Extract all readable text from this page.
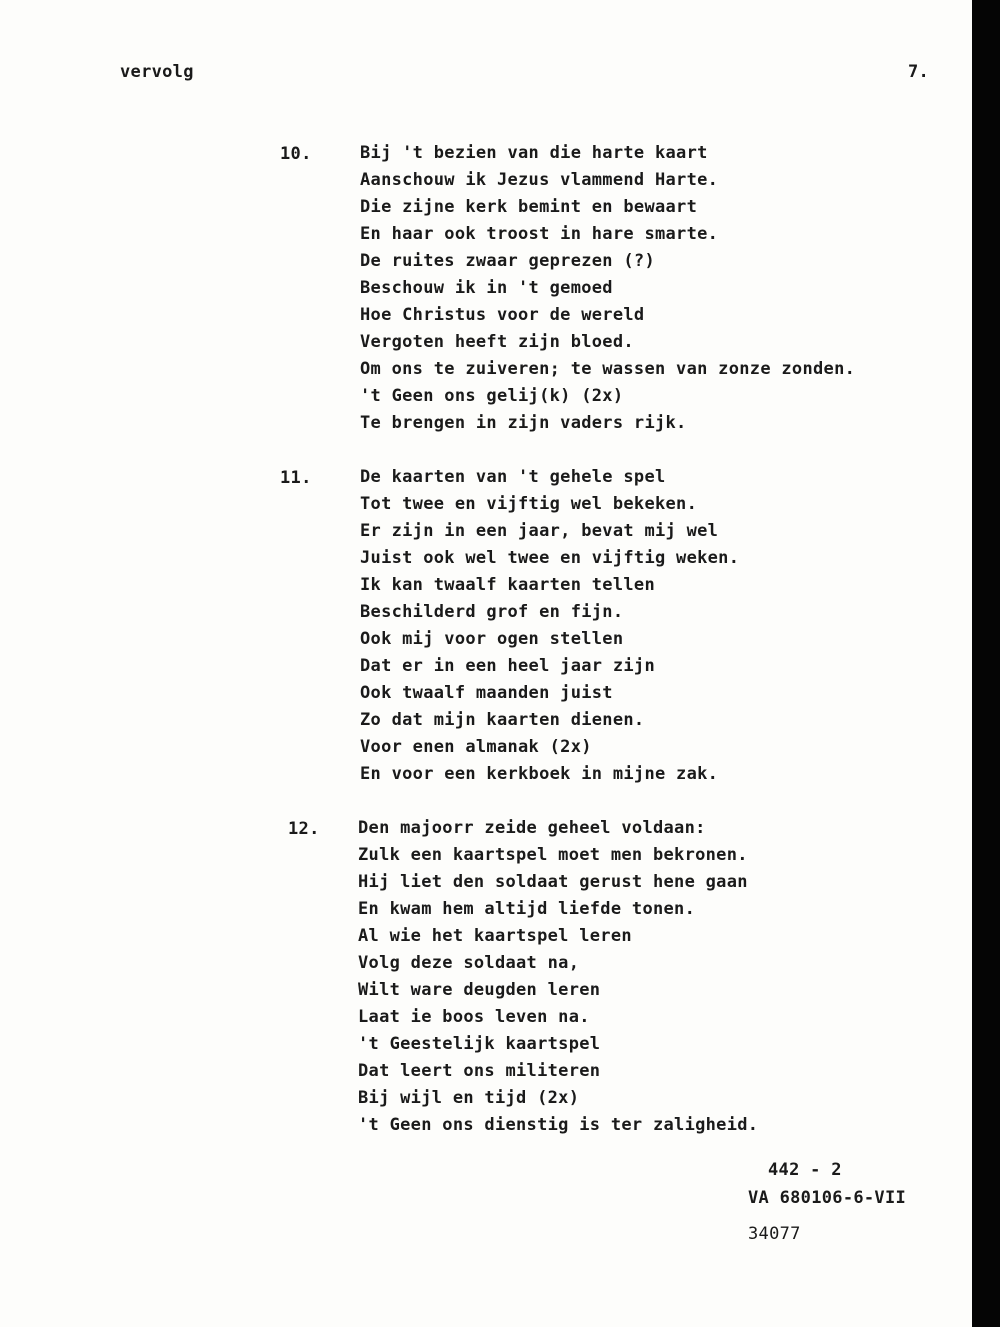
vervolg	7.
10.	Bij 't bezien van die harte kaart
Aanschouw ik Jezus vlammend Harte.
Die zijne kerk bemint en bewaart
En haar ook troost in hare smarte.
De ruites zwaar geprezen (?)
Beschouw ik in 't gemoed
Hoe Christus voor de wereld
Vergoten heeft zijn bloed.
Om ons te zuiveren; te wassen van zonze zonden.
't Geen ons gelij(k) (2x)
Te brengen in zijn vaders rijk.
11.	De kaarten van 't gehele spel
Tot twee en vijftig wel bekeken.
Er zijn in een jaar, bevat mij wel
Juist ook wel twee en vijftig weken.
Ik kan twaalf kaarten tellen
Beschilderd grof en fijn.
Ook mij voor ogen stellen
Dat er in een heel jaar zijn
Ook twaalf maanden juist
Zo dat mijn kaarten dienen.
Voor enen almanak (2x)
En voor een kerkboek in mijne zak.
12. Den majoorr zeide geheel voldaan:
Zulk een kaartspel moet men bekronen.
Hij liet den soldaat gerust hene gaan
En kwam hem altijd liefde tonen.
Al wie het kaartspel leren
Volg deze soldaat na,
Wilt ware deugden leren
Laat ie boos leven na.
't Geestelijk kaartspel
Dat leert ons militeren
Bij wijl en tijd (2x)
't Geen ons dienstig is ter zaligheid.
442 - 2
VA 680106-6-VII
34077
